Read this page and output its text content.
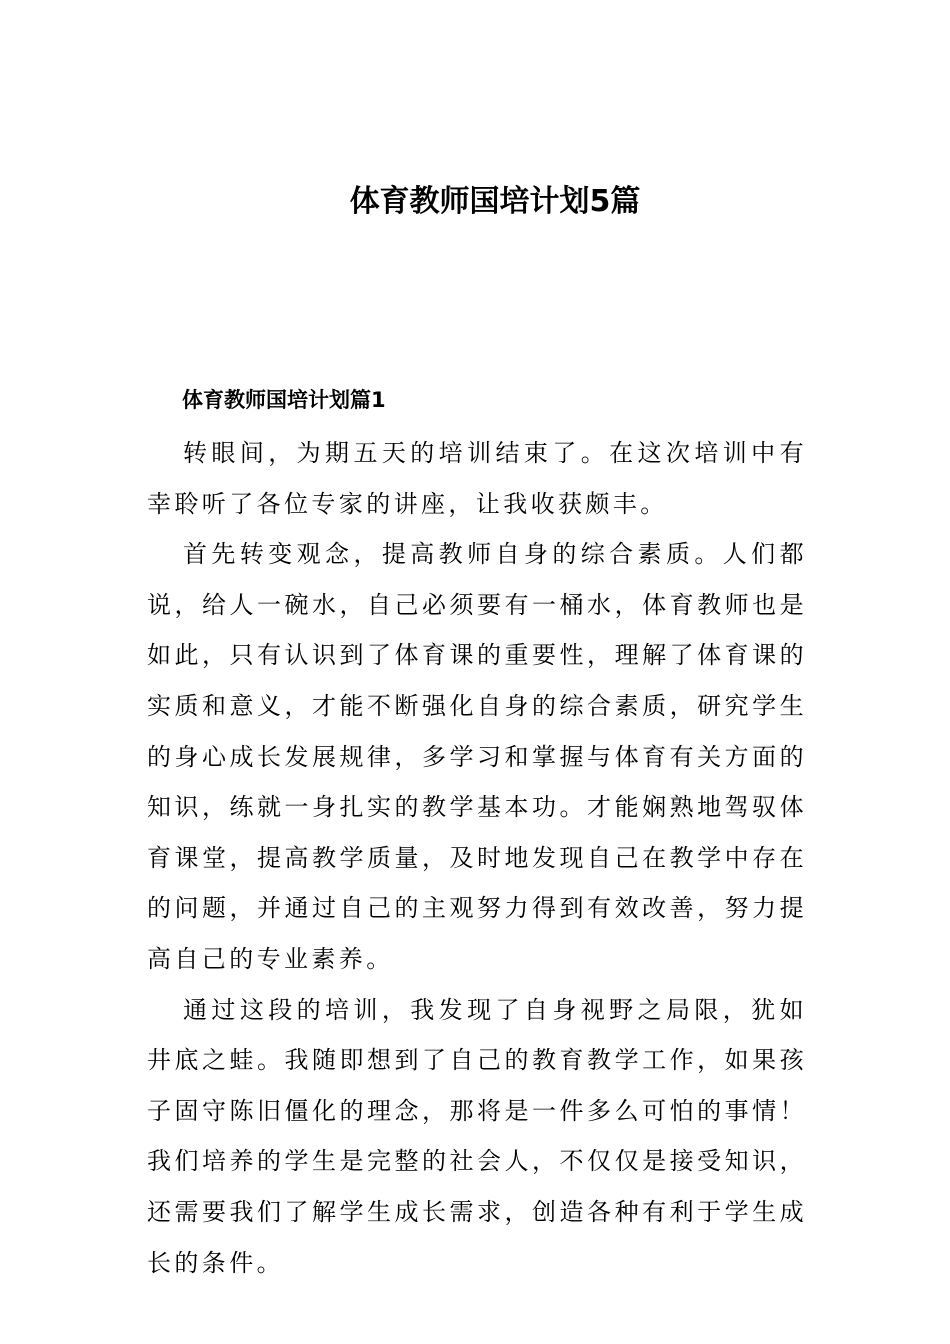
体育教师国培计划5篇
体育教师国培计划篇1

转眼间，为期五天的培训结束了。在这次培训中有幸聆听了各位专家的讲座，让我收获颇丰。

首先转变观念，提高教师自身的综合素质。人们都说，给人一碗水，自己必须要有一桶水，体育教师也是如此，只有认识到了体育课的重要性，理解了体育课的实质和意义，才能不断强化自身的综合素质，研究学生的身心成长发展规律，多学习和掌握与体育有关方面的知识，练就一身扎实的教学基本功。才能娴熟地驾驭体育课堂，提高教学质量，及时地发现自己在教学中存在的问题，并通过自己的主观努力得到有效改善，努力提高自己的专业素养。

通过这段的培训，我发现了自身视野之局限，犹如井底之蛙。我随即想到了自己的教育教学工作，如果孩子固守陈旧僵化的理念，那将是一件多么可怕的事情！我们培养的学生是完整的社会人，不仅仅是接受知识，还需要我们了解学生成长需求，创造各种有利于学生成长的条件。
